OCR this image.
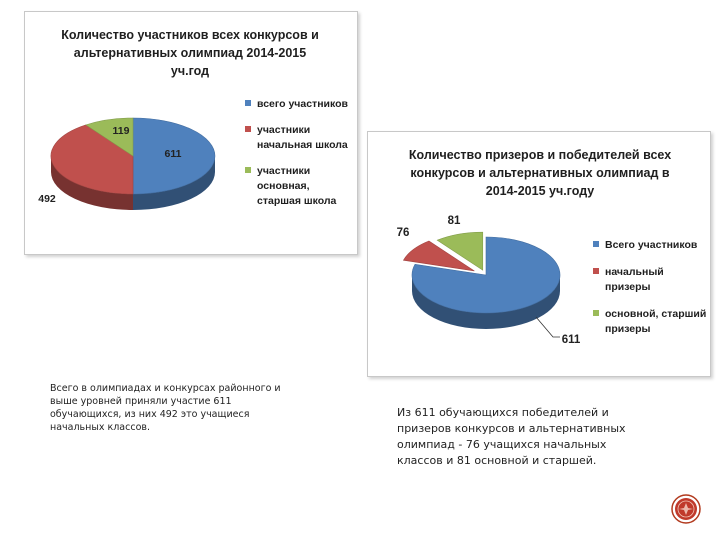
Количество участников всех конкурсов и альтернативных олимпиад 2014-2015 уч.год
611
492
119
всего участников
участники начальная школа
участники основная, старшая школа
Количество призеров и победителей всех конкурсов и альтернативных олимпиад в 2014-2015 уч.году
611
76
81
Всего участников
начальный призеры
основной, старший призеры
Всего в олимпиадах и конкурсах районного и
выше уровней приняли участие 611
обучающихся, из них 492 это учащиеся
начальных классов.
Из 611 обучающихся победителей и
призеров конкурсов и альтернативных
олимпиад - 76 учащихся начальных
классов и 81 основной и старшей.
